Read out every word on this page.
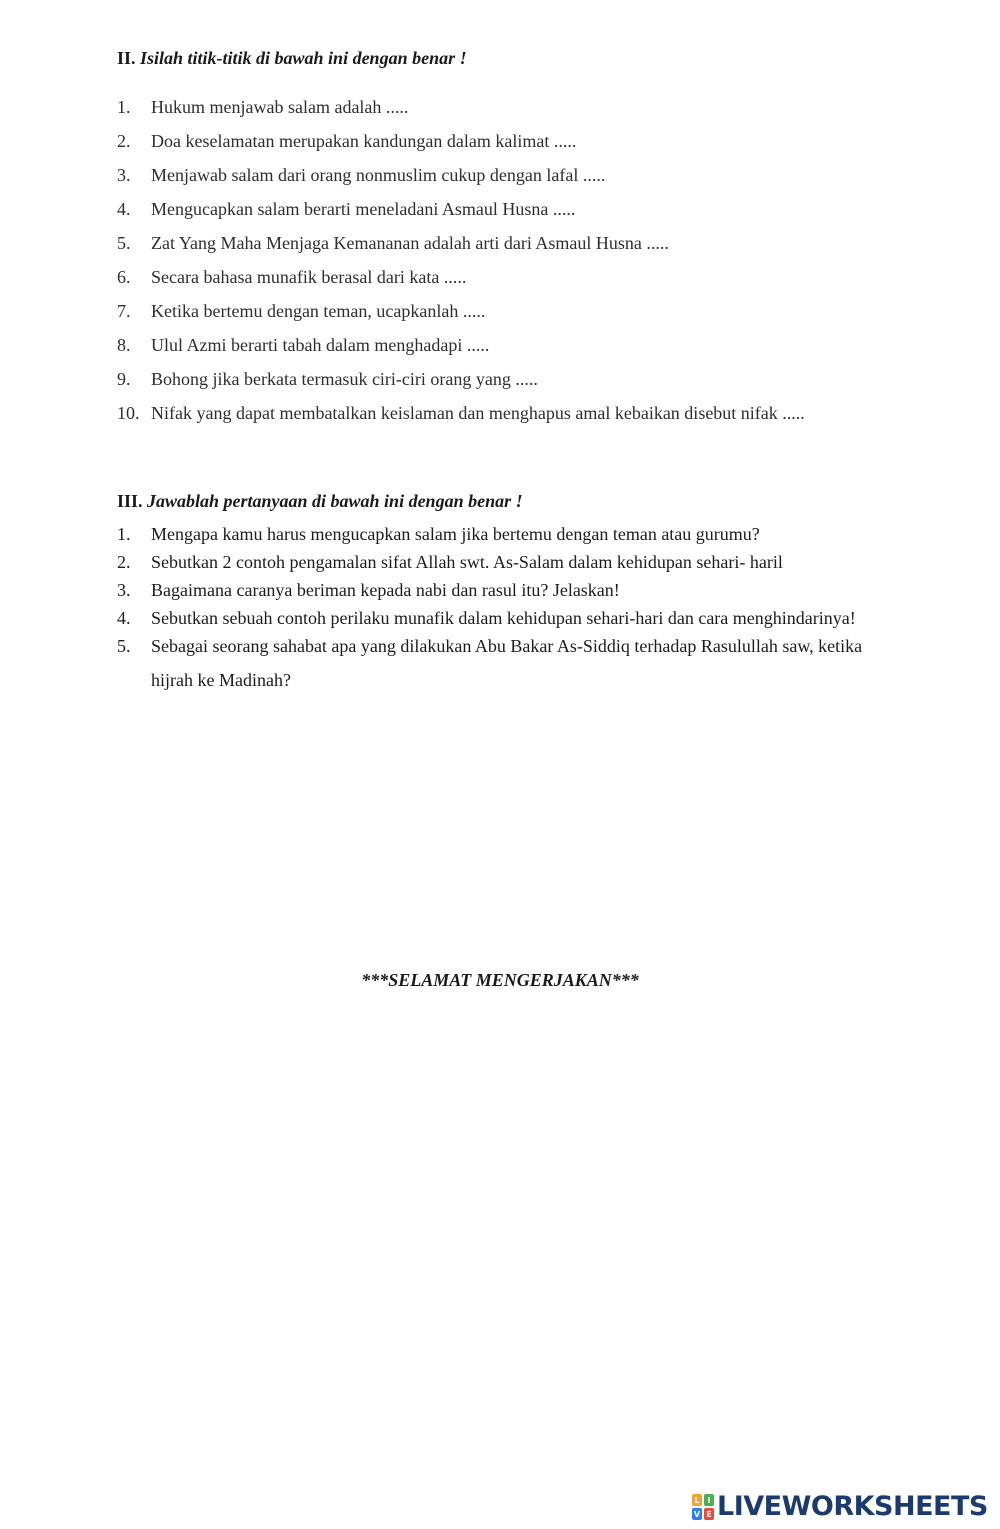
II. Isilah titik-titik di bawah ini dengan benar !
1. Hukum menjawab salam adalah .....
2. Doa keselamatan merupakan kandungan dalam kalimat .....
3. Menjawab salam dari orang nonmuslim cukup dengan lafal .....
4. Mengucapkan salam berarti meneladani Asmaul Husna .....
5. Zat Yang Maha Menjaga Kemananan adalah arti dari Asmaul Husna .....
6. Secara bahasa munafik berasal dari kata .....
7. Ketika bertemu dengan teman, ucapkanlah .....
8. Ulul Azmi berarti tabah dalam menghadapi .....
9. Bohong jika berkata termasuk ciri-ciri orang yang .....
10. Nifak yang dapat membatalkan keislaman dan menghapus amal kebaikan disebut nifak .....
III. Jawablah pertanyaan di bawah ini dengan benar !
1. Mengapa kamu harus mengucapkan salam jika bertemu dengan teman atau gurumu?
2. Sebutkan 2 contoh pengamalan sifat Allah swt. As-Salam dalam kehidupan sehari- haril
3. Bagaimana caranya beriman kepada nabi dan rasul itu? Jelaskan!
4. Sebutkan sebuah contoh perilaku munafik dalam kehidupan sehari-hari dan cara menghindarinya!
5. Sebagai seorang sahabat apa yang dilakukan Abu Bakar As-Siddiq terhadap Rasulullah saw, ketika hijrah ke Madinah?
***SELAMAT MENGERJAKAN***
L I
V E LIVEWORKSHEETS
